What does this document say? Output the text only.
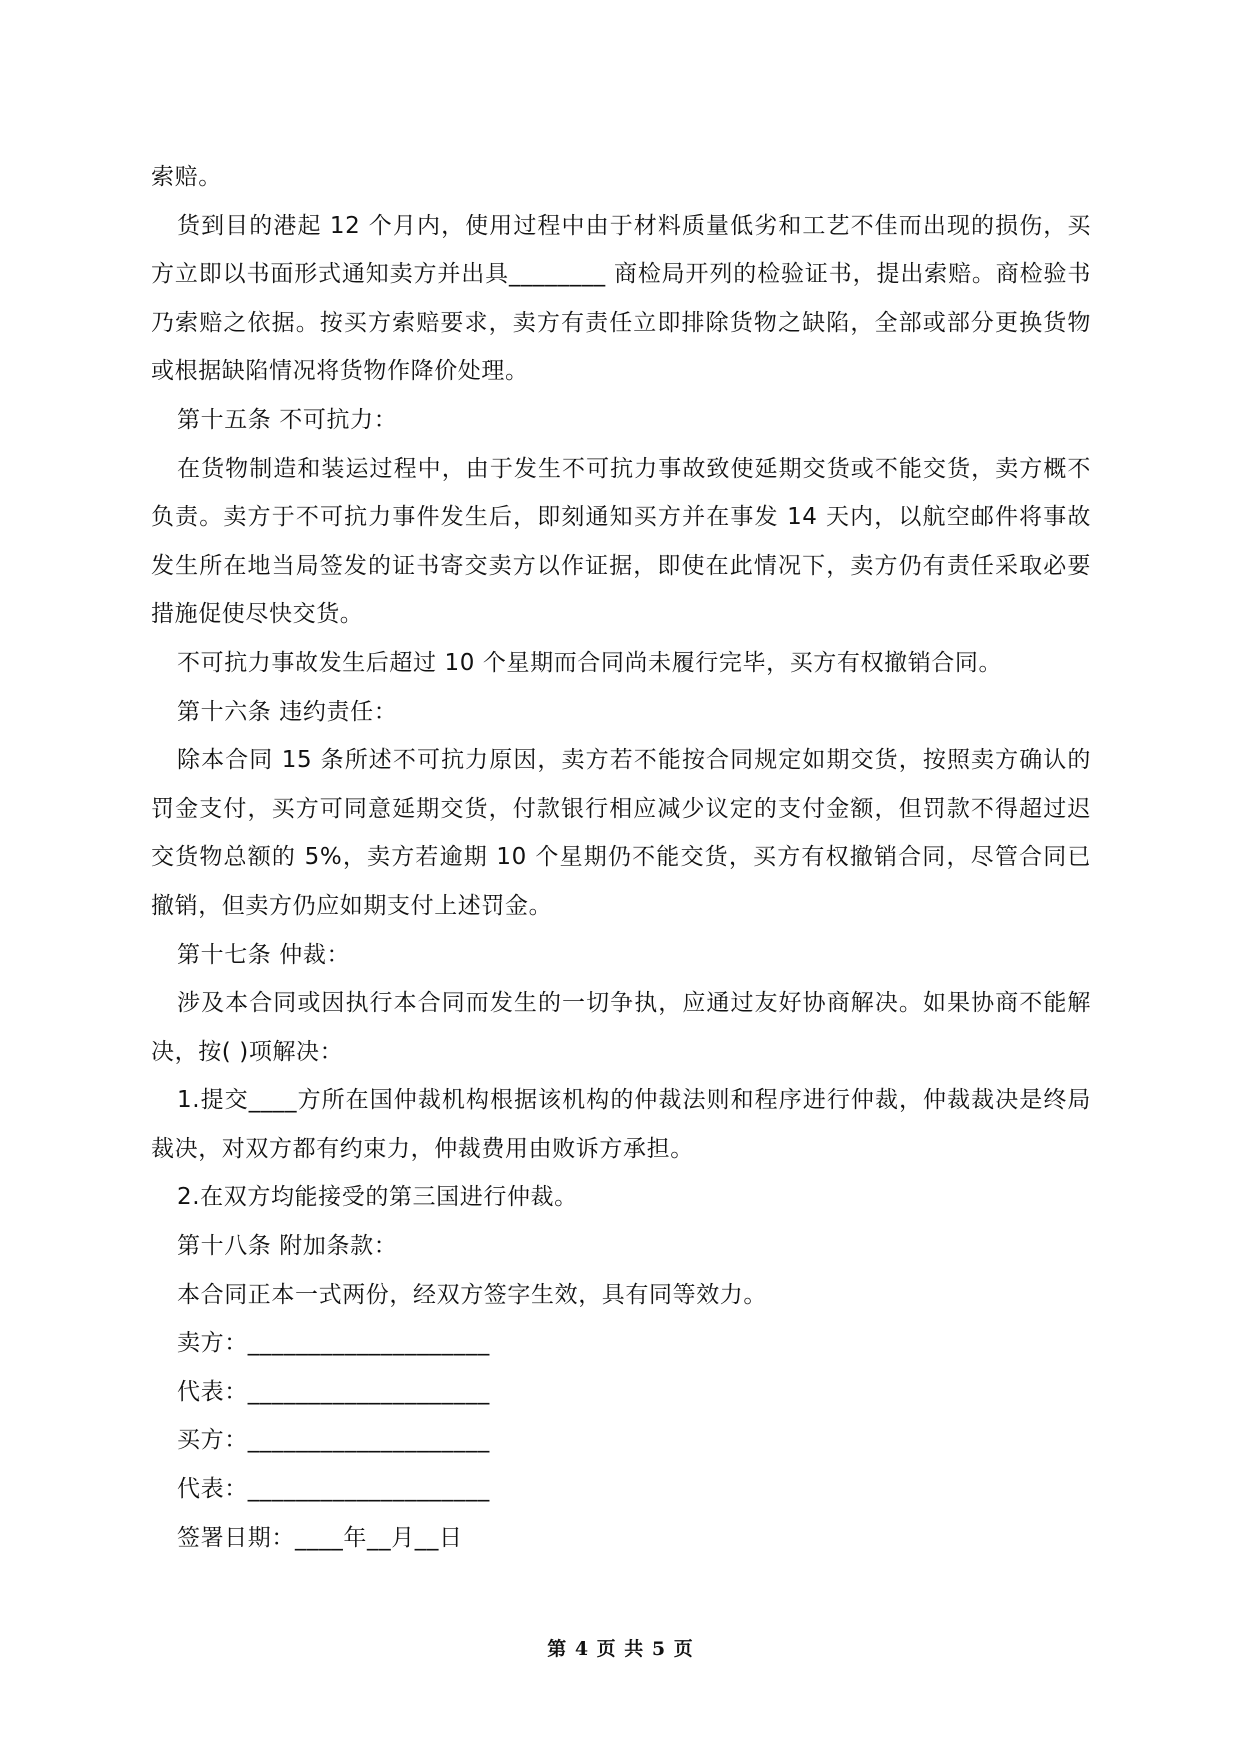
索赔。

货到目的港起 12 个月内，使用过程中由于材料质量低劣和工艺不佳而出现的损伤，买方立即以书面形式通知卖方并出具________ 商检局开列的检验证书，提出索赔。商检验书乃索赔之依据。按买方索赔要求，卖方有责任立即排除货物之缺陷，全部或部分更换货物或根据缺陷情况将货物作降价处理。

第十五条 不可抗力：

在货物制造和装运过程中，由于发生不可抗力事故致使延期交货或不能交货，卖方概不负责。卖方于不可抗力事件发生后，即刻通知买方并在事发 14 天内，以航空邮件将事故发生所在地当局签发的证书寄交卖方以作证据，即使在此情况下，卖方仍有责任采取必要措施促使尽快交货。

不可抗力事故发生后超过 10 个星期而合同尚未履行完毕，买方有权撤销合同。

第十六条 违约责任：

除本合同 15 条所述不可抗力原因，卖方若不能按合同规定如期交货，按照卖方确认的罚金支付，买方可同意延期交货，付款银行相应减少议定的支付金额，但罚款不得超过迟交货物总额的 5%，卖方若逾期 10 个星期仍不能交货，买方有权撤销合同，尽管合同已撤销，但卖方仍应如期支付上述罚金。

第十七条 仲裁：

涉及本合同或因执行本合同而发生的一切争执，应通过友好协商解决。如果协商不能解决，按( )项解决：

1.提交____方所在国仲裁机构根据该机构的仲裁法则和程序进行仲裁，仲裁裁决是终局裁决，对双方都有约束力，仲裁费用由败诉方承担。

2.在双方均能接受的第三国进行仲裁。

第十八条 附加条款：

本合同正本一式两份，经双方签字生效，具有同等效力。

卖方：____________________

代表：____________________

买方：____________________

代表：____________________

签署日期：____年__月__日

第 4 页 共 5 页
